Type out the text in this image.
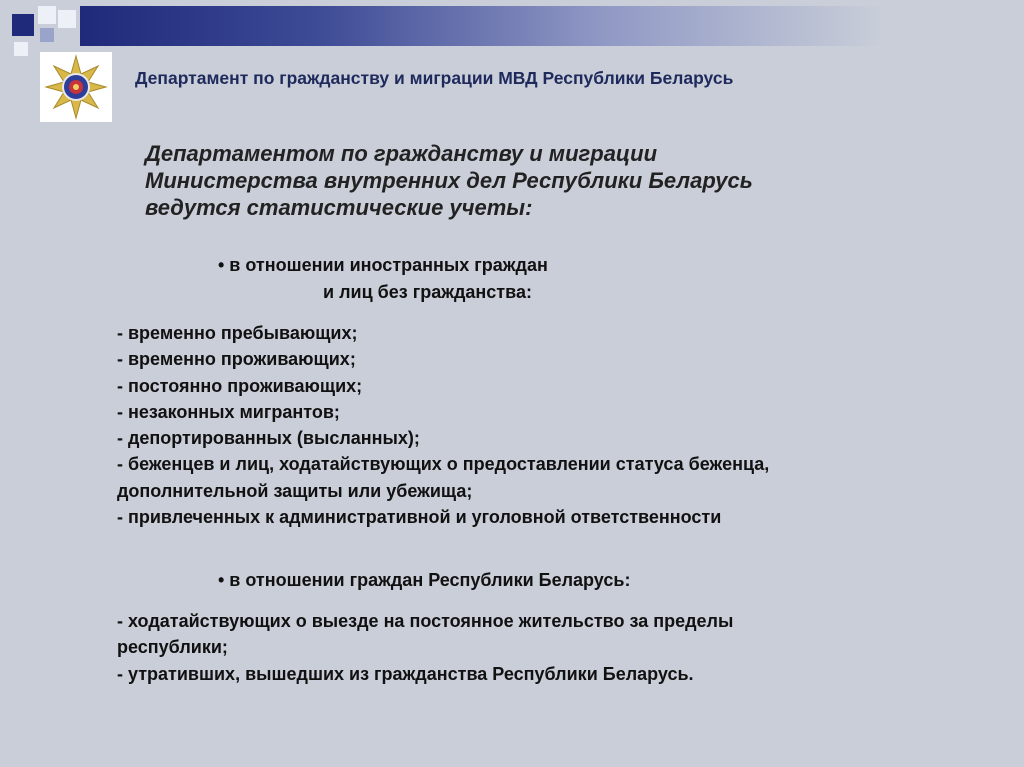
Департамент по гражданству и миграции МВД Республики Беларусь
Департаментом по гражданству и миграции
Министерства внутренних дел Республики Беларусь
ведутся статистические учеты:
• в отношении иностранных граждан
и лиц без гражданства:
- временно пребывающих;
- временно проживающих;
- постоянно проживающих;
- незаконных мигрантов;
- депортированных (высланных);
- беженцев и лиц, ходатайствующих о предоставлении статуса беженца,
дополнительной защиты или убежища;
- привлеченных к административной и уголовной ответственности
• в отношении граждан Республики Беларусь:
- ходатайствующих о выезде на постоянное жительство за пределы
республики;
- утративших, вышедших из гражданства Республики Беларусь.
